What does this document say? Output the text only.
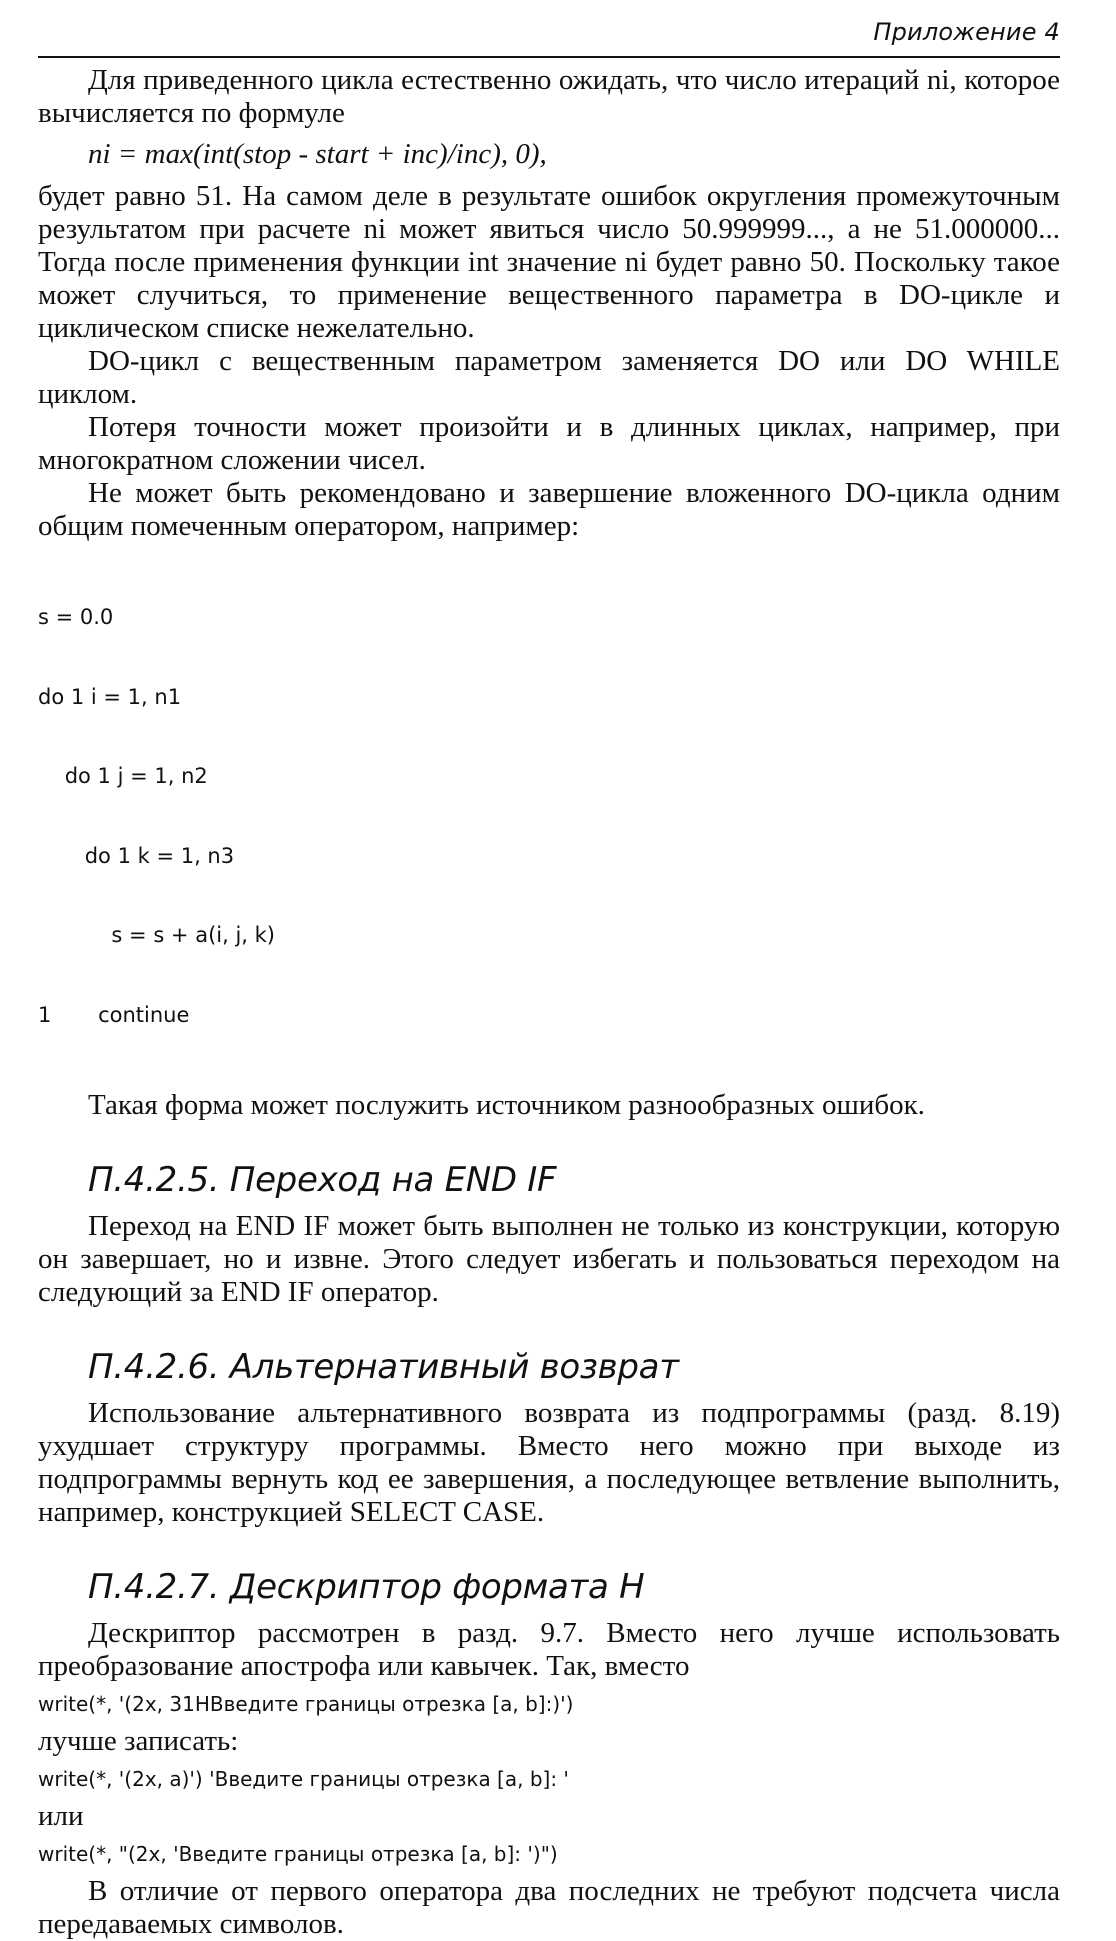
Приложение 4

Для приведенного цикла естественно ожидать, что число итераций ni, которое вычисляется по формуле

ni = max(int(stop - start + inc)/inc), 0),

будет равно 51. На самом деле в результате ошибок округления промежуточным результатом при расчете ni может явиться число 50.999999..., а не 51.000000... Тогда после применения функции int значение ni будет равно 50. Поскольку такое может случиться, то применение вещественного параметра в DO-цикле и циклическом списке нежелательно.

DO-цикл с вещественным параметром заменяется DO или DO WHILE циклом.

Потеря точности может произойти и в длинных циклах, например, при многократном сложении чисел.

Не может быть рекомендовано и завершение вложенного DO-цикла одним общим помеченным оператором, например:

s = 0.0

do 1 i = 1, n1

do 1 j = 1, n2

do 1 k = 1, n3

s = s + a(i, j, k)

1       continue

Такая форма может послужить источником разнообразных ошибок.

П.4.2.5. Переход на END IF

Переход на END IF может быть выполнен не только из конструкции, которую он завершает, но и извне. Этого следует избегать и пользоваться переходом на следующий за END IF оператор.

П.4.2.6. Альтернативный возврат

Использование альтернативного возврата из подпрограммы (разд. 8.19) ухудшает структуру программы. Вместо него можно при выходе из подпрограммы вернуть код ее завершения, а последующее ветвление выполнить, например, конструкцией SELECT CASE.

П.4.2.7. Дескриптор формата H

Дескриптор рассмотрен в разд. 9.7. Вместо него лучше использовать преобразование апострофа или кавычек. Так, вместо

write(*, '(2x, 31HВведите границы отрезка [a, b]:)')

лучше записать:

write(*, '(2x, a)') 'Введите границы отрезка [a, b]: '

или

write(*, "(2x, 'Введите границы отрезка [a, b]: ')")

В отличие от первого оператора два последних не требуют подсчета числа передаваемых символов.
